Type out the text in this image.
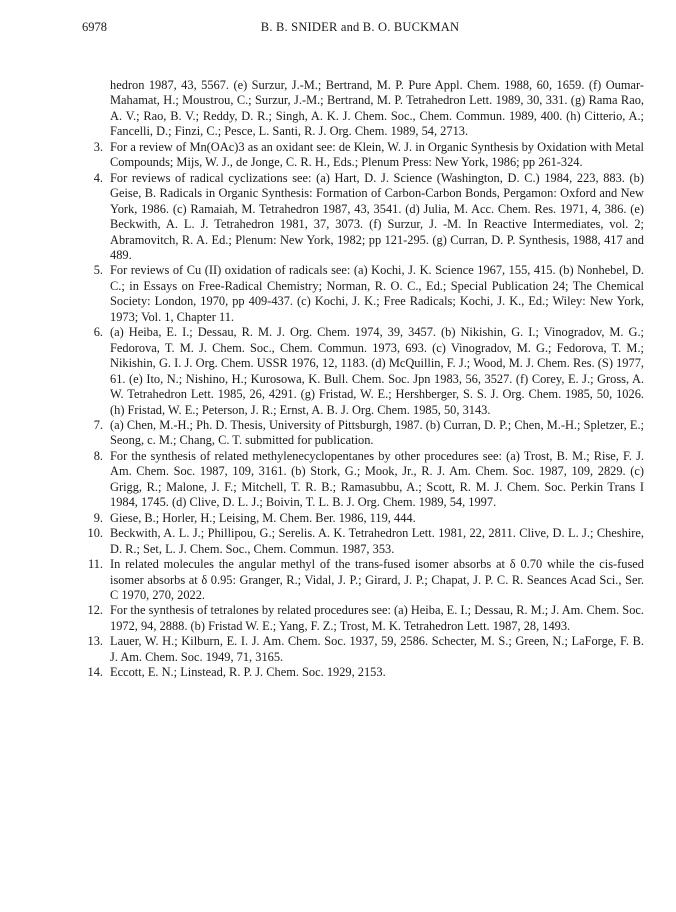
6978	B. B. SNIDER and B. O. BUCKMAN
hedron 1987, 43, 5567. (e) Surzur, J.-M.; Bertrand, M. P. Pure Appl. Chem. 1988, 60, 1659. (f) Oumar-Mahamat, H.; Moustrou, C.; Surzur, J.-M.; Bertrand, M. P. Tetrahedron Lett. 1989, 30, 331. (g) Rama Rao, A. V.; Rao, B. V.; Reddy, D. R.; Singh, A. K. J. Chem. Soc., Chem. Commun. 1989, 400. (h) Citterio, A.; Fancelli, D.; Finzi, C.; Pesce, L. Santi, R. J. Org. Chem. 1989, 54, 2713.
3. For a review of Mn(OAc)3 as an oxidant see: de Klein, W. J. in Organic Synthesis by Oxidation with Metal Compounds; Mijs, W. J., de Jonge, C. R. H., Eds.; Plenum Press: New York, 1986; pp 261-324.
4. For reviews of radical cyclizations see: (a) Hart, D. J. Science (Washington, D. C.) 1984, 223, 883. (b) Geise, B. Radicals in Organic Synthesis: Formation of Carbon-Carbon Bonds, Pergamon: Oxford and New York, 1986. (c) Ramaiah, M. Tetrahedron 1987, 43, 3541. (d) Julia, M. Acc. Chem. Res. 1971, 4, 386. (e) Beckwith, A. L. J. Tetrahedron 1981, 37, 3073. (f) Surzur, J. -M. In Reactive Intermediates, vol. 2; Abramovitch, R. A. Ed.; Plenum: New York, 1982; pp 121-295. (g) Curran, D. P. Synthesis, 1988, 417 and 489.
5. For reviews of Cu (II) oxidation of radicals see: (a) Kochi, J. K. Science 1967, 155, 415. (b) Nonhebel, D. C.; in Essays on Free-Radical Chemistry; Norman, R. O. C., Ed.; Special Publication 24; The Chemical Society: London, 1970, pp 409-437. (c) Kochi, J. K.; Free Radicals; Kochi, J. K., Ed.; Wiley: New York, 1973; Vol. 1, Chapter 11.
6. (a) Heiba, E. I.; Dessau, R. M. J. Org. Chem. 1974, 39, 3457. (b) Nikishin, G. I.; Vinogradov, M. G.; Fedorova, T. M. J. Chem. Soc., Chem. Commun. 1973, 693. (c) Vinogradov, M. G.; Fedorova, T. M.; Nikishin, G. I. J. Org. Chem. USSR 1976, 12, 1183. (d) McQuillin, F. J.; Wood, M. J. Chem. Res. (S) 1977, 61. (e) Ito, N.; Nishino, H.; Kurosowa, K. Bull. Chem. Soc. Jpn 1983, 56, 3527. (f) Corey, E. J.; Gross, A. W. Tetrahedron Lett. 1985, 26, 4291. (g) Fristad, W. E.; Hershberger, S. S. J. Org. Chem. 1985, 50, 1026. (h) Fristad, W. E.; Peterson, J. R.; Ernst, A. B. J. Org. Chem. 1985, 50, 3143.
7. (a) Chen, M.-H.; Ph. D. Thesis, University of Pittsburgh, 1987. (b) Curran, D. P.; Chen, M.-H.; Spletzer, E.; Seong, c. M.; Chang, C. T. submitted for publication.
8. For the synthesis of related methylenecyclopentanes by other procedures see: (a) Trost, B. M.; Rise, F. J. Am. Chem. Soc. 1987, 109, 3161. (b) Stork, G.; Mook, Jr., R. J. Am. Chem. Soc. 1987, 109, 2829. (c) Grigg, R.; Malone, J. F.; Mitchell, T. R. B.; Ramasubbu, A.; Scott, R. M. J. Chem. Soc. Perkin Trans I 1984, 1745. (d) Clive, D. L. J.; Boivin, T. L. B. J. Org. Chem. 1989, 54, 1997.
9. Giese, B.; Horler, H.; Leising, M. Chem. Ber. 1986, 119, 444.
10. Beckwith, A. L. J.; Phillipou, G.; Serelis. A. K. Tetrahedron Lett. 1981, 22, 2811. Clive, D. L. J.; Cheshire, D. R.; Set, L. J. Chem. Soc., Chem. Commun. 1987, 353.
11. In related molecules the angular methyl of the trans-fused isomer absorbs at δ 0.70 while the cis-fused isomer absorbs at δ 0.95: Granger, R.; Vidal, J. P.; Girard, J. P.; Chapat, J. P. C. R. Seances Acad Sci., Ser. C 1970, 270, 2022.
12. For the synthesis of tetralones by related procedures see: (a) Heiba, E. I.; Dessau, R. M.; J. Am. Chem. Soc. 1972, 94, 2888. (b) Fristad W. E.; Yang, F. Z.; Trost, M. K. Tetrahedron Lett. 1987, 28, 1493.
13. Lauer, W. H.; Kilburn, E. I. J. Am. Chem. Soc. 1937, 59, 2586. Schecter, M. S.; Green, N.; LaForge, F. B. J. Am. Chem. Soc. 1949, 71, 3165.
14. Eccott, E. N.; Linstead, R. P. J. Chem. Soc. 1929, 2153.
